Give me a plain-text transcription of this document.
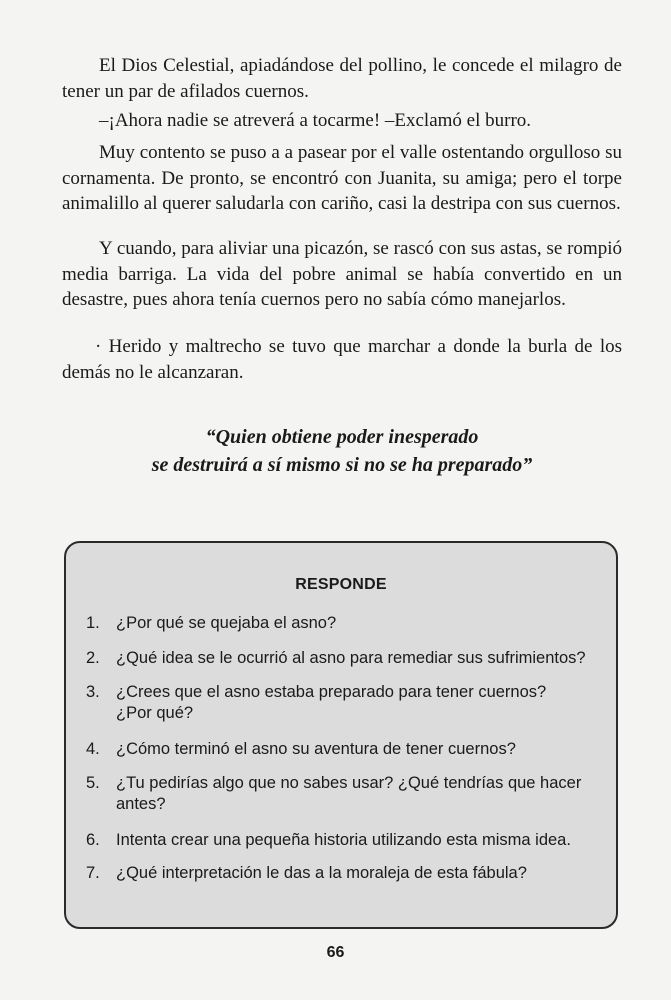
El Dios Celestial, apiadándose del pollino, le concede el milagro de tener un par de afilados cuernos.

–¡Ahora nadie se atreverá a tocarme! –Exclamó el burro.

Muy contento se puso a a pasear por el valle ostentando orgulloso su cornamenta. De pronto, se encontró con Juanita, su amiga; pero el torpe animalillo al querer saludarla con cariño, casi la destripa con sus cuernos.

Y cuando, para aliviar una picazón, se rascó con sus astas, se rompió media barriga. La vida del pobre animal se había convertido en un desastre, pues ahora tenía cuernos pero no sabía cómo manejarlos.

· Herido y maltrecho se tuvo que marchar a donde la burla de los demás no le alcanzaran.

“Quien obtiene poder inesperado
se destruirá a sí mismo si no se ha preparado”
RESPONDE
1. ¿Por qué se quejaba el asno?
2. ¿Qué idea se le ocurrió al asno para remediar sus sufrimientos?
3. ¿Crees que el asno estaba preparado para tener cuernos? ¿Por qué?
4. ¿Cómo terminó el asno su aventura de tener cuernos?
5. ¿Tu pedirías algo que no sabes usar? ¿Qué tendrías que hacer antes?
6. Intenta crear una pequeña historia utilizando esta misma idea.
7. ¿Qué interpretación le das a la moraleja de esta fábula?
66
